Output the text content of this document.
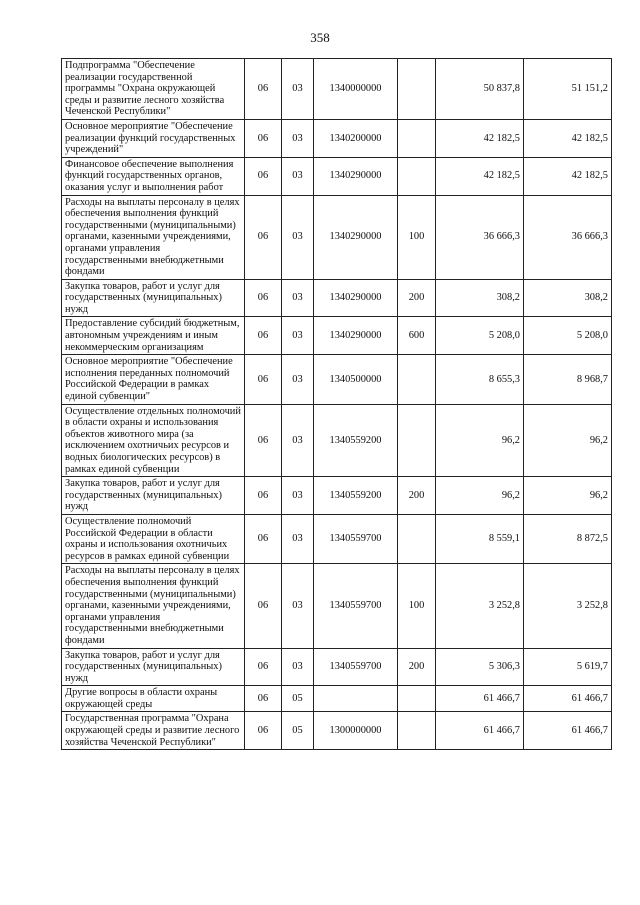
358
Подпрограмма "Обеспечение реализации государственной программы "Охрана окружающей среды и развитие лесного хозяйства Чеченской Республики"	06	03	1340000000		50 837,8	51 151,2
Основное мероприятие "Обеспечение реализации функций государственных учреждений"	06	03	1340200000		42 182,5	42 182,5
Финансовое обеспечение выполнения функций государственных органов, оказания услуг и выполнения работ	06	03	1340290000		42 182,5	42 182,5
Расходы на выплаты персоналу в целях обеспечения выполнения функций государственными (муниципальными) органами, казенными учреждениями, органами управления государственными внебюджетными фондами	06	03	1340290000	100	36 666,3	36 666,3
Закупка товаров, работ и услуг для государственных (муниципальных) нужд	06	03	1340290000	200	308,2	308,2
Предоставление субсидий бюджетным, автономным учреждениям и иным некоммерческим организациям	06	03	1340290000	600	5 208,0	5 208,0
Основное мероприятие "Обеспечение исполнения переданных полномочий Российской Федерации в рамках единой субвенции"	06	03	1340500000		8 655,3	8 968,7
Осуществление отдельных полномочий в области охраны и использования объектов животного мира (за исключением охотничьих ресурсов и водных биологических ресурсов) в рамках единой субвенции	06	03	1340559200		96,2	96,2
Закупка товаров, работ и услуг для государственных (муниципальных) нужд	06	03	1340559200	200	96,2	96,2
Осуществление полномочий Российской Федерации в области охраны и использования охотничьих ресурсов в рамках единой субвенции	06	03	1340559700		8 559,1	8 872,5
Расходы на выплаты персоналу в целях обеспечения выполнения функций государственными (муниципальными) органами, казенными учреждениями, органами управления государственными внебюджетными фондами	06	03	1340559700	100	3 252,8	3 252,8
Закупка товаров, работ и услуг для государственных (муниципальных) нужд	06	03	1340559700	200	5 306,3	5 619,7
Другие вопросы в области охраны окружающей среды	06	05			61 466,7	61 466,7
Государственная программа "Охрана окружающей среды и развитие лесного хозяйства Чеченской Республики"	06	05	1300000000		61 466,7	61 466,7
